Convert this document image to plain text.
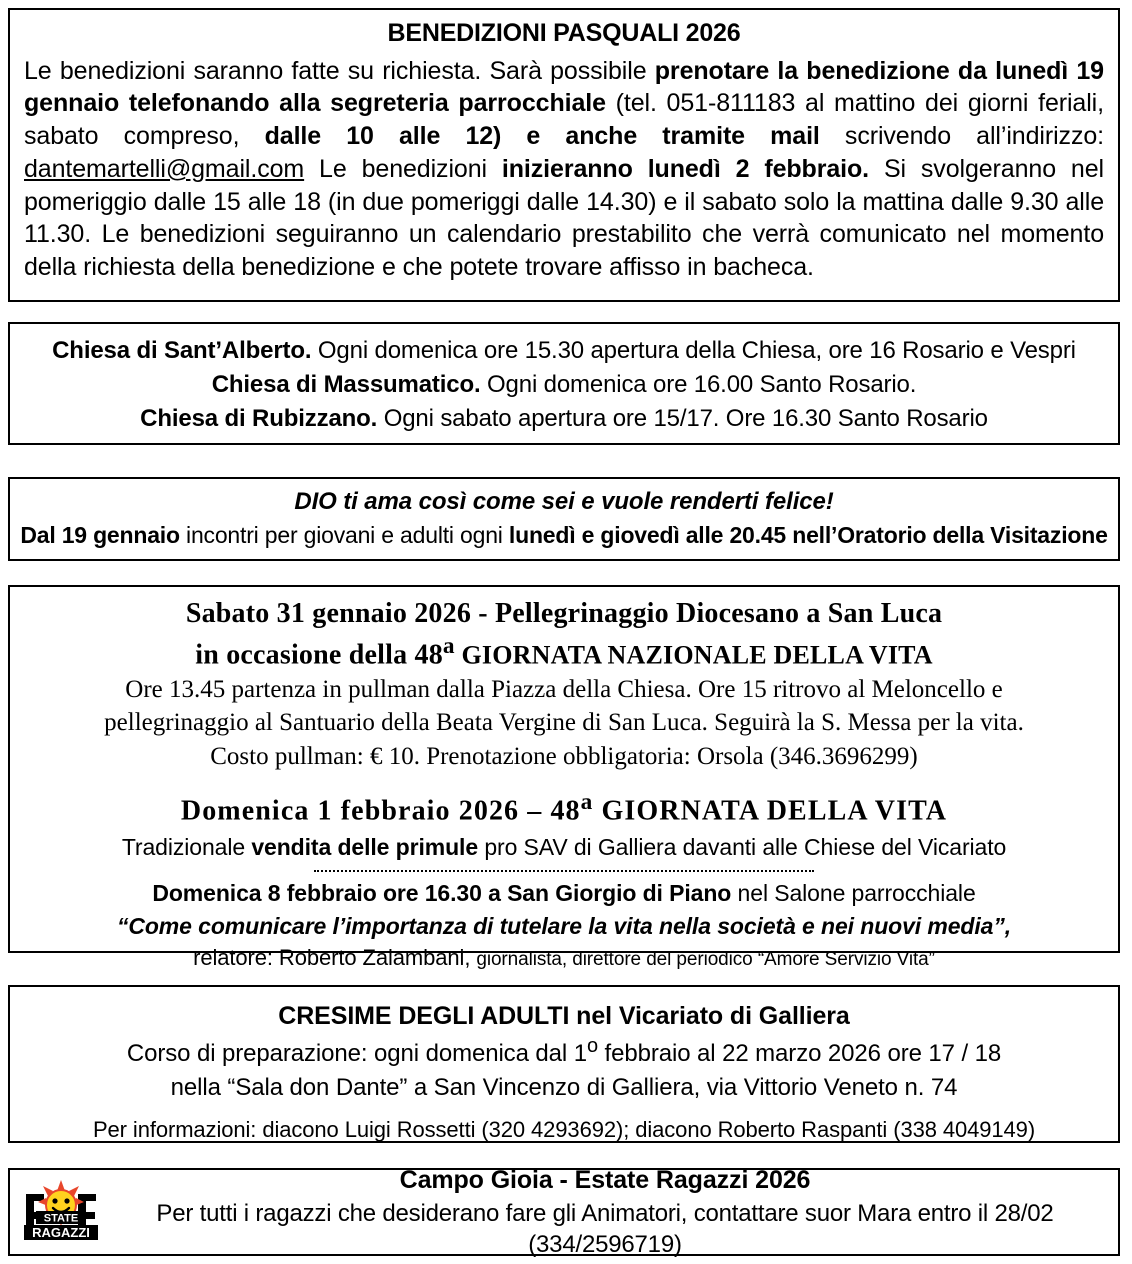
BENEDIZIONI PASQUALI 2026
Le benedizioni saranno fatte su richiesta. Sarà possibile prenotare la benedizione da lunedì 19 gennaio telefonando alla segreteria parrocchiale (tel. 051-811183 al mattino dei giorni feriali, sabato compreso, dalle 10 alle 12) e anche tramite mail scrivendo all’indirizzo: dantemartelli@gmail.com Le benedizioni inizieranno lunedì 2 febbraio. Si svolgeranno nel pomeriggio dalle 15 alle 18 (in due pomeriggi dalle 14.30) e il sabato solo la mattina dalle 9.30 alle 11.30. Le benedizioni seguiranno un calendario prestabilito che verrà comunicato nel momento della richiesta della benedizione e che potete trovare affisso in bacheca.
Chiesa di Sant’Alberto. Ogni domenica ore 15.30 apertura della Chiesa, ore 16 Rosario e Vespri
Chiesa di Massumatico. Ogni domenica ore 16.00 Santo Rosario.
Chiesa di Rubizzano. Ogni sabato apertura ore 15/17. Ore 16.30 Santo Rosario
DIO ti ama così come sei e vuole renderti felice!
Dal 19 gennaio incontri per giovani e adulti ogni lunedì e giovedì alle 20.45 nell’Oratorio della Visitazione
Sabato 31 gennaio 2026 - Pellegrinaggio Diocesano a San Luca
in occasione della 48$^a$ GIORNATA NAZIONALE DELLA VITA
Ore 13.45 partenza in pullman dalla Piazza della Chiesa. Ore 15 ritrovo al Meloncello e
pellegrinaggio al Santuario della Beata Vergine di San Luca. Seguirà la S. Messa per la vita.
Costo pullman: € 10. Prenotazione obbligatoria: Orsola (346.3696299)
Domenica 1 febbraio 2026 – 48$^a$ GIORNATA DELLA VITA
Tradizionale vendita delle primule pro SAV di Galliera davanti alle Chiese del Vicariato
Domenica 8 febbraio ore 16.30 a San Giorgio di Piano nel Salone parrocchiale
“Come comunicare l’importanza di tutelare la vita nella società e nei nuovi media”,
relatore: Roberto Zalambani, giornalista, direttore del periodico “Amore Servizio Vita”
CRESIME DEGLI ADULTI nel Vicariato di Galliera
Corso di preparazione: ogni domenica dal 1$^o$ febbraio al 22 marzo 2026 ore 17 / 18
nella “Sala don Dante” a San Vincenzo di Galliera, via Vittorio Veneto n. 74
Per informazioni: diacono Luigi Rossetti (320 4293692); diacono Roberto Raspanti (338 4049149)
STATE
RAGAZZI
Campo Gioia - Estate Ragazzi 2026
Per tutti i ragazzi che desiderano fare gli Animatori, contattare suor Mara entro il 28/02 (334/2596719)
